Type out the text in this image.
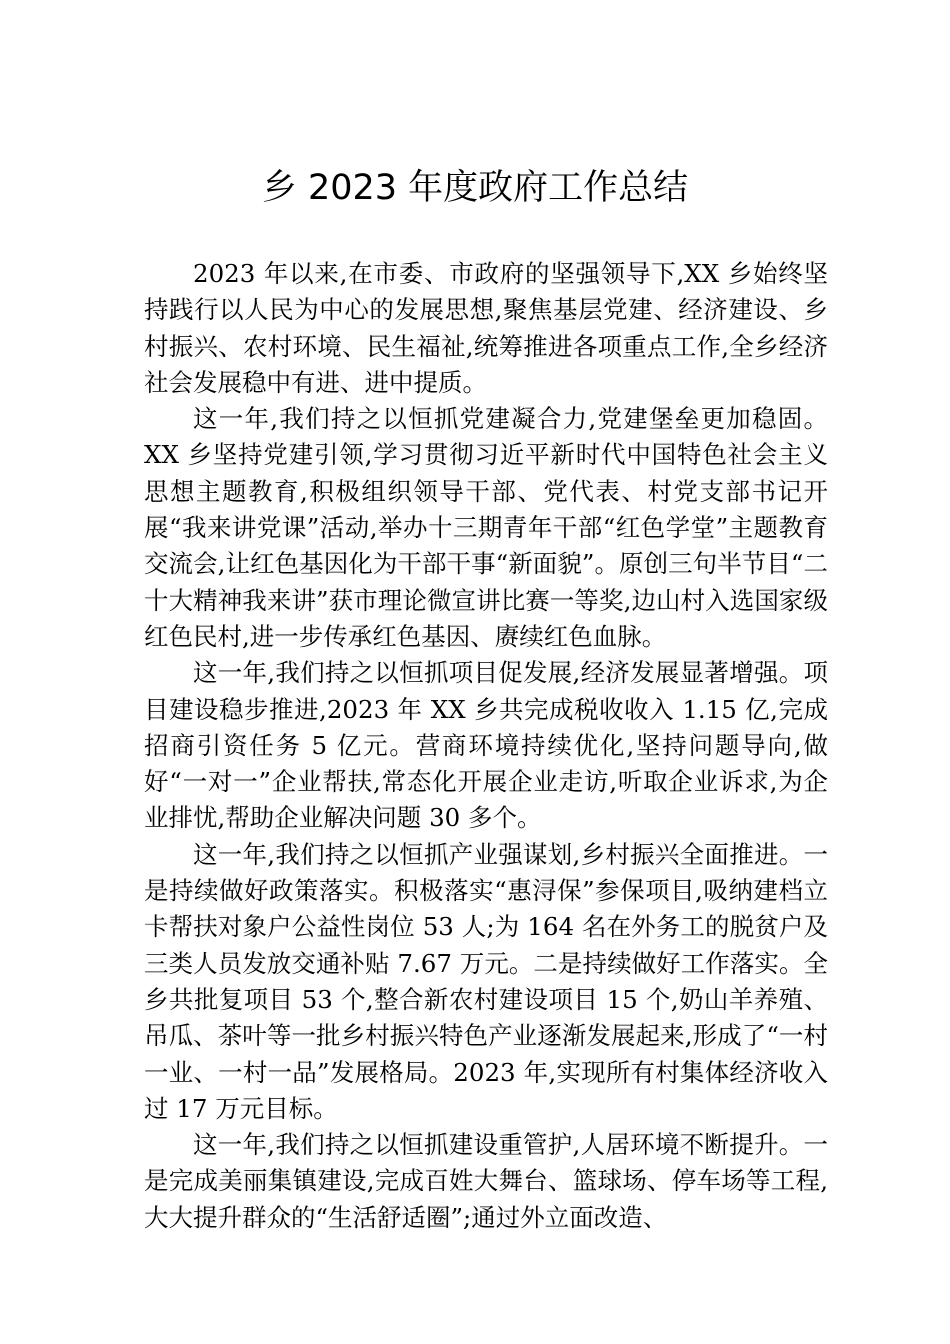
乡 2023 年度政府工作总结

2023 年以来,在市委、市政府的坚强领导下,XX 乡始终坚持践行以人民为中心的发展思想,聚焦基层党建、经济建设、乡村振兴、农村环境、民生福祉,统筹推进各项重点工作,全乡经济社会发展稳中有进、进中提质。

这一年,我们持之以恒抓党建凝合力,党建堡垒更加稳固。XX 乡坚持党建引领,学习贯彻习近平新时代中国特色社会主义思想主题教育,积极组织领导干部、党代表、村党支部书记开展“我来讲党课”活动,举办十三期青年干部“红色学堂”主题教育交流会,让红色基因化为干部干事“新面貌”。原创三句半节目“二十大精神我来讲”获市理论微宣讲比赛一等奖,边山村入选国家级红色民村,进一步传承红色基因、赓续红色血脉。

这一年,我们持之以恒抓项目促发展,经济发展显著增强。项目建设稳步推进,2023 年 XX 乡共完成税收收入 1.15 亿,完成招商引资任务 5 亿元。营商环境持续优化,坚持问题导向,做好“一对一”企业帮扶,常态化开展企业走访,听取企业诉求,为企业排忧,帮助企业解决问题 30 多个。

这一年,我们持之以恒抓产业强谋划,乡村振兴全面推进。一是持续做好政策落实。积极落实“惠浔保”参保项目,吸纳建档立卡帮扶对象户公益性岗位 53 人;为 164 名在外务工的脱贫户及三类人员发放交通补贴 7.67 万元。二是持续做好工作落实。全乡共批复项目 53 个,整合新农村建设项目 15 个,奶山羊养殖、吊瓜、茶叶等一批乡村振兴特色产业逐渐发展起来,形成了“一村一业、一村一品”发展格局。2023 年,实现所有村集体经济收入过 17 万元目标。

这一年,我们持之以恒抓建设重管护,人居环境不断提升。一是完成美丽集镇建设,完成百姓大舞台、篮球场、停车场等工程,大大提升群众的“生活舒适圈”;通过外立面改造、
